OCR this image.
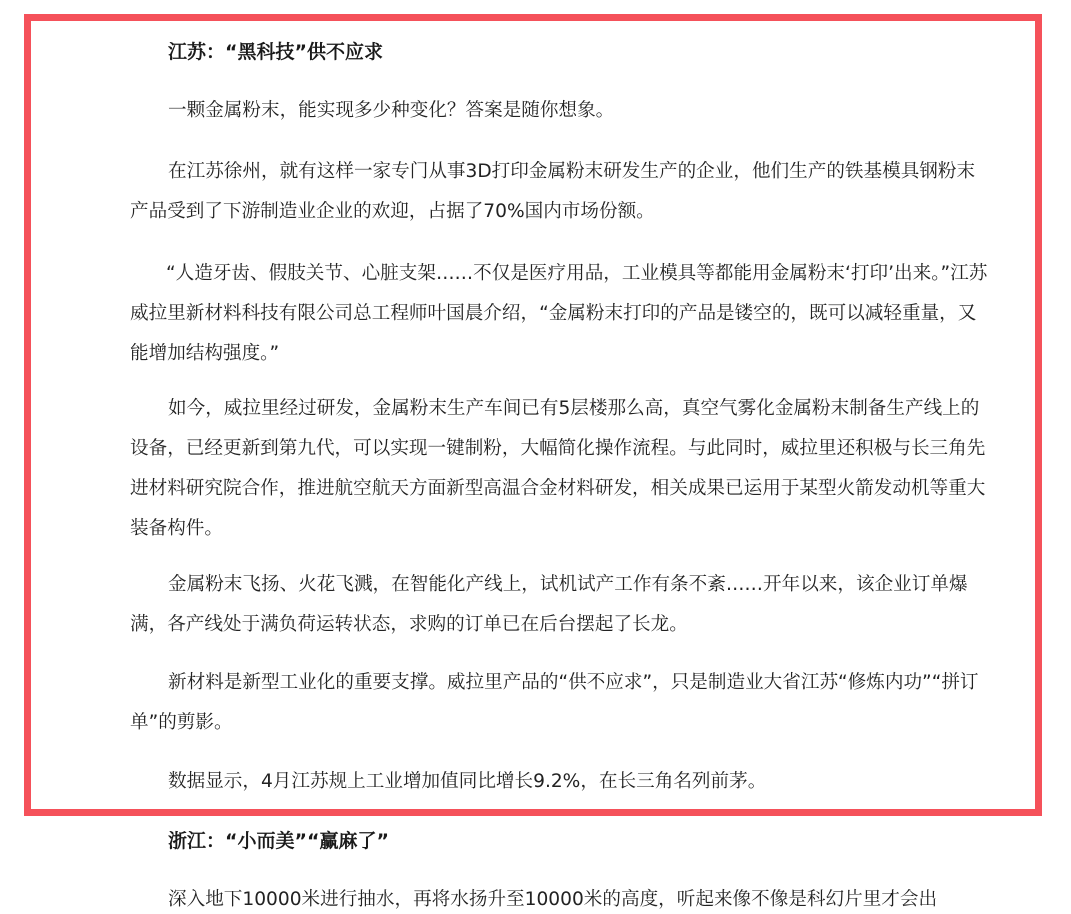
江苏：“黑科技”供不应求

一颗金属粉末，能实现多少种变化？答案是随你想象。

在江苏徐州，就有这样一家专门从事3D打印金属粉末研发生产的企业，他们生产的铁基模具钢粉末产品受到了下游制造业企业的欢迎，占据了70%国内市场份额。

“人造牙齿、假肢关节、心脏支架……不仅是医疗用品，工业模具等都能用金属粉末‘打印’出来。”江苏威拉里新材料科技有限公司总工程师叶国晨介绍，“金属粉末打印的产品是镂空的，既可以减轻重量，又能增加结构强度。”

如今，威拉里经过研发，金属粉末生产车间已有5层楼那么高，真空气雾化金属粉末制备生产线上的设备，已经更新到第九代，可以实现一键制粉，大幅简化操作流程。与此同时，威拉里还积极与长三角先进材料研究院合作，推进航空航天方面新型高温合金材料研发，相关成果已运用于某型火箭发动机等重大装备构件。

金属粉末飞扬、火花飞溅，在智能化产线上，试机试产工作有条不紊……开年以来，该企业订单爆满，各产线处于满负荷运转状态，求购的订单已在后台摆起了长龙。

新材料是新型工业化的重要支撑。威拉里产品的“供不应求”，只是制造业大省江苏“修炼内功”“拼订单”的剪影。

数据显示，4月江苏规上工业增加值同比增长9.2%，在长三角名列前茅。

浙江：“小而美”“赢麻了”

深入地下10000米进行抽水，再将水扬升至10000米的高度，听起来像不像是科幻片里才会出
